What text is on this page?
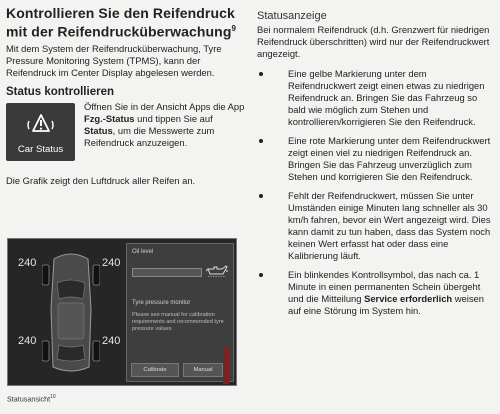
Kontrollieren Sie den Reifendruck
mit der Reifendrucküberwachung$^9$

Mit dem System der Reifendrucküberwachung, Tyre Pressure Monitoring System (TPMS), kann der Reifendruck im Center Display abgelesen werden.

Status kontrollieren
Car Status
Öffnen Sie in der Ansicht Apps die App Fzg.-Status und tippen Sie auf Status, um die Messwerte zum Reifendruck anzuzeigen.

Die Grafik zeigt den Luftdruck aller Reifen an.

240	240
240	240
Oil level
Tyre pressure monitor
Please see manual for calibration requirements and recommended tyre pressure values
Calibrate	Manual
Statusansicht$^{10}$
Statusanzeige

Bei normalem Reifendruck (d.h. Grenzwert für niedrigen Reifendruck überschritten) wird nur der Reifendruckwert angezeigt.

Eine gelbe Markierung unter dem Reifendruckwert zeigt einen etwas zu niedrigen Reifendruck an. Bringen Sie das Fahrzeug so bald wie möglich zum Stehen und kontrollieren/korrigieren Sie den Reifendruck.
Eine rote Markierung unter dem Reifendruckwert zeigt einen viel zu niedrigen Reifendruck an. Bringen Sie das Fahrzeug unverzüglich zum Stehen und korrigieren Sie den Reifendruck.
Fehlt der Reifendruckwert, müssen Sie unter Umständen einige Minuten lang schneller als 30 km/h fahren, bevor ein Wert angezeigt wird. Dies kann damit zu tun haben, dass das System noch keinen Wert erfasst hat oder dass eine Kalibrierung läuft.
Ein blinkendes Kontrollsymbol, das nach ca. 1 Minute in einen permanenten Schein übergeht und die Mitteilung Service erforderlich weisen auf eine Störung im System hin.
